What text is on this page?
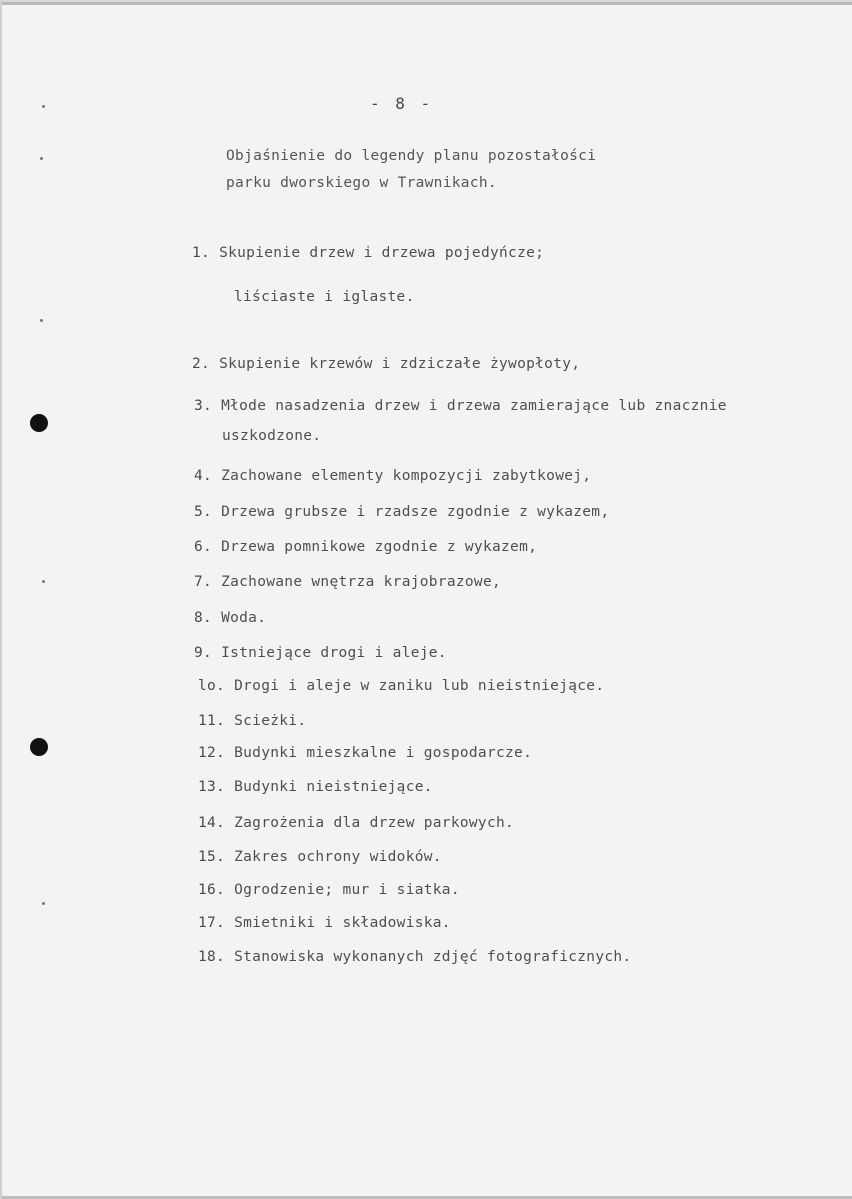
- 8 -
Objaśnienie do legendy planu pozostałości
parku dworskiego w Trawnikach.
1. Skupienie drzew i drzewa pojedyńcze;
liściaste i iglaste.
2. Skupienie krzewów i zdziczałe żywopłoty,
3. Młode nasadzenia drzew i drzewa zamierające lub znacznie
uszkodzone.
4. Zachowane elementy kompozycji zabytkowej,
5. Drzewa grubsze i rzadsze zgodnie z wykazem,
6. Drzewa pomnikowe zgodnie z wykazem,
7. Zachowane wnętrza krajobrazowe,
8. Woda.
9. Istniejące drogi i aleje.
lo. Drogi i aleje w zaniku lub nieistniejące.
11. Scieżki.
12. Budynki mieszkalne i gospodarcze.
13. Budynki nieistniejące.
14. Zagrożenia dla drzew parkowych.
15. Zakres ochrony widoków.
16. Ogrodzenie; mur i siatka.
17. Smietniki i składowiska.
18. Stanowiska wykonanych zdjęć fotograficznych.
